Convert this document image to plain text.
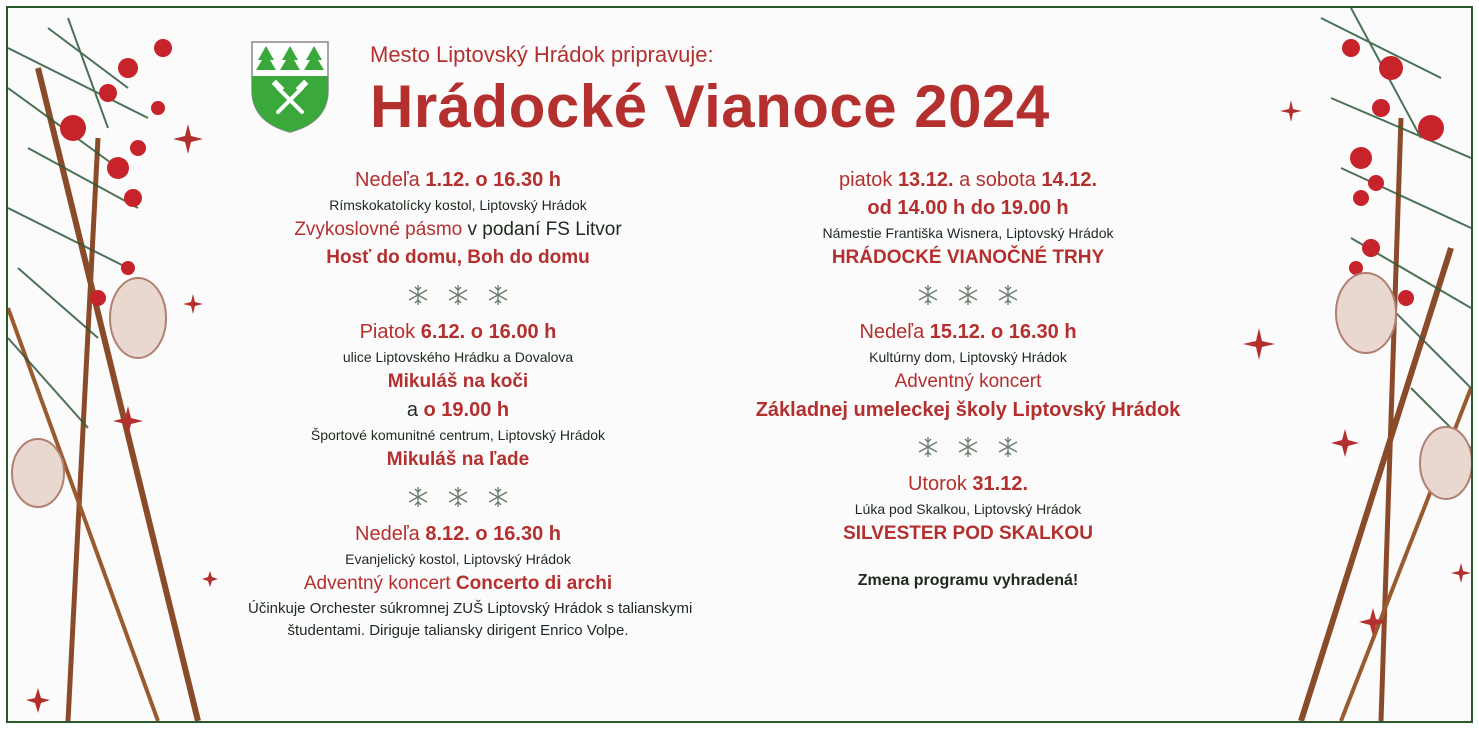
Mesto Liptovský Hrádok pripravuje:
Hrádocké Vianoce 2024
Nedeľa 1.12. o 16.30 h
Rímskokatolícky kostol, Liptovský Hrádok
Zvykoslovné pásmo v podaní FS Litvor
Hosť do domu, Boh do domu
Piatok 6.12. o 16.00 h
ulice Liptovského Hrádku a Dovalova
Mikuláš na koči
a o 19.00 h
Športové komunitné centrum, Liptovský Hrádok
Mikuláš na ľade
Nedeľa 8.12. o 16.30 h
Evanjelický kostol, Liptovský Hrádok
Adventný koncert Concerto di archi
Účinkuje Orchester súkromnej ZUŠ Liptovský Hrádok s talianskymi
študentami. Diriguje taliansky dirigent Enrico Volpe.
piatok 13.12. a sobota 14.12.
od 14.00 h do 19.00 h
Námestie Františka Wisnera, Liptovský Hrádok
HRÁDOCKÉ VIANOČNÉ TRHY
Nedeľa 15.12. o 16.30 h
Kultúrny dom, Liptovský Hrádok
Adventný koncert
Základnej umeleckej školy Liptovský Hrádok
Utorok 31.12.
Lúka pod Skalkou, Liptovský Hrádok
SILVESTER POD SKALKOU
Zmena programu vyhradená!
